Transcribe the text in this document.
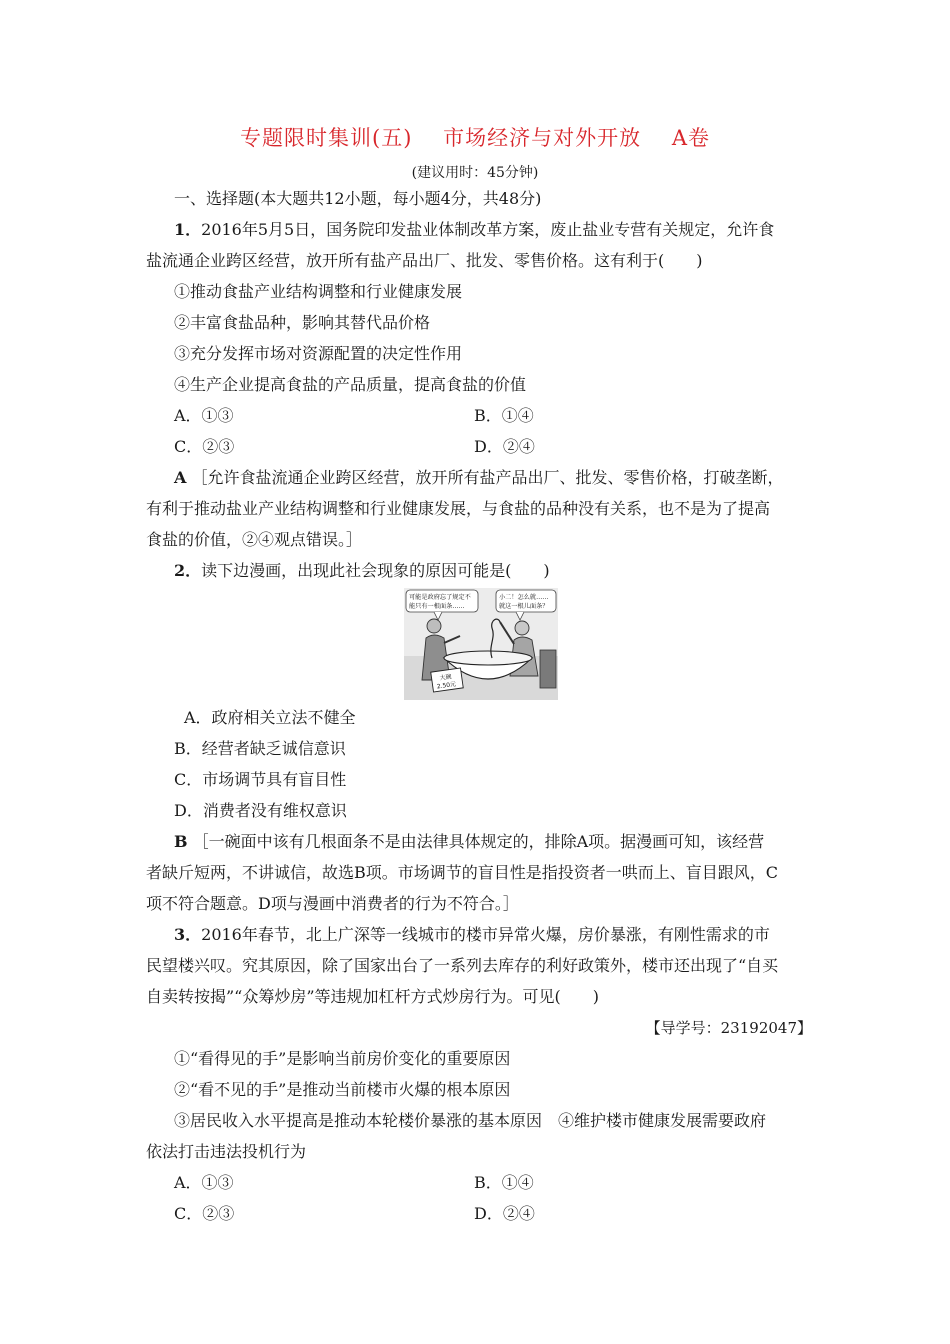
专题限时集训(五) 市场经济与对外开放 A卷
(建议用时：45分钟)
一、选择题(本大题共12小题，每小题4分，共48分)
1．2016年5月5日，国务院印发盐业体制改革方案，废止盐业专营有关规定，允许食
盐流通企业跨区经营，放开所有盐产品出厂、批发、零售价格。这有利于(　　)
①推动食盐产业结构调整和行业健康发展
②丰富食盐品种，影响其替代品价格
③充分发挥市场对资源配置的决定性作用
④生产企业提高食盐的产品质量，提高食盐的价值
A．①③	B．①④
C．②③	D．②④
A ［允许食盐流通企业跨区经营，放开所有盐产品出厂、批发、零售价格，打破垄断，
有利于推动盐业产业结构调整和行业健康发展，与食盐的品种没有关系，也不是为了提高
食盐的价值，②④观点错误。］
2．读下边漫画，出现此社会现象的原因可能是(　　)
可能是政府忘了规定不
能只有一根面条……
小二！怎么就……
就这一根儿面条？
大碗
2.50元
A．政府相关立法不健全
B．经营者缺乏诚信意识
C．市场调节具有盲目性
D．消费者没有维权意识
B ［一碗面中该有几根面条不是由法律具体规定的，排除A项。据漫画可知，该经营
者缺斤短两，不讲诚信，故选B项。市场调节的盲目性是指投资者一哄而上、盲目跟风，C
项不符合题意。D项与漫画中消费者的行为不符合。］
3．2016年春节，北上广深等一线城市的楼市异常火爆，房价暴涨，有刚性需求的市
民望楼兴叹。究其原因，除了国家出台了一系列去库存的利好政策外，楼市还出现了“自买
自卖转按揭”“众筹炒房”等违规加杠杆方式炒房行为。可见(　　)
【导学号：23192047】
①“看得见的手”是影响当前房价变化的重要原因
②“看不见的手”是推动当前楼市火爆的根本原因
③居民收入水平提高是推动本轮楼价暴涨的基本原因　④维护楼市健康发展需要政府
依法打击违法投机行为
A．①③	B．①④
C．②③	D．②④
